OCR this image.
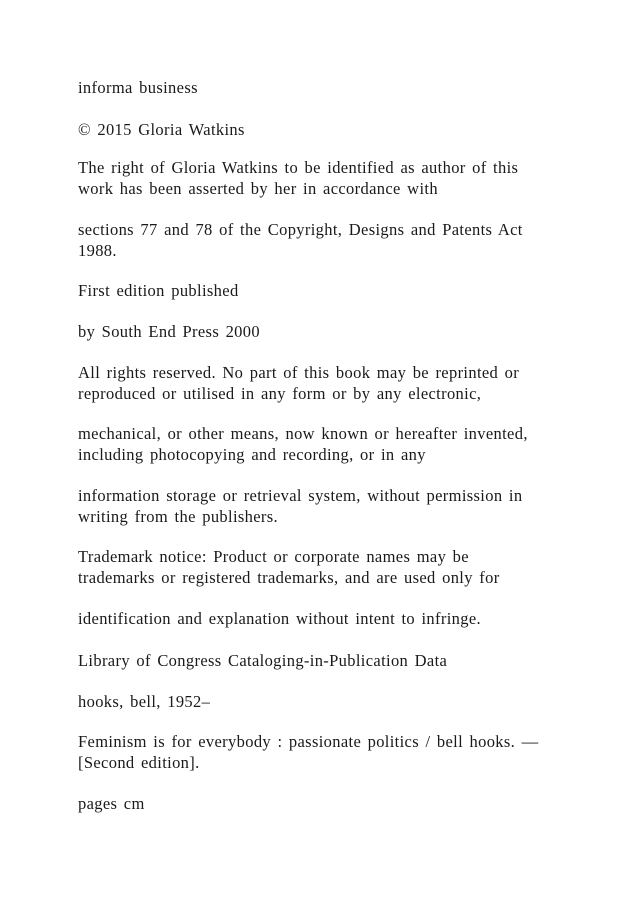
informa business

© 2015 Gloria Watkins

The right of Gloria Watkins to be identified as author of this
work has been asserted by her in accordance with

sections 77 and 78 of the Copyright, Designs and Patents Act
1988.

First edition published

by South End Press 2000

All rights reserved. No part of this book may be reprinted or
reproduced or utilised in any form or by any electronic,

mechanical, or other means, now known or hereafter invented,
including photocopying and recording, or in any

information storage or retrieval system, without permission in
writing from the publishers.

Trademark notice: Product or corporate names may be
trademarks or registered trademarks, and are used only for

identification and explanation without intent to infringe.

Library of Congress Cataloging-in-Publication Data

hooks, bell, 1952–

Feminism is for everybody : passionate politics / bell hooks. —
[Second edition].

pages cm
